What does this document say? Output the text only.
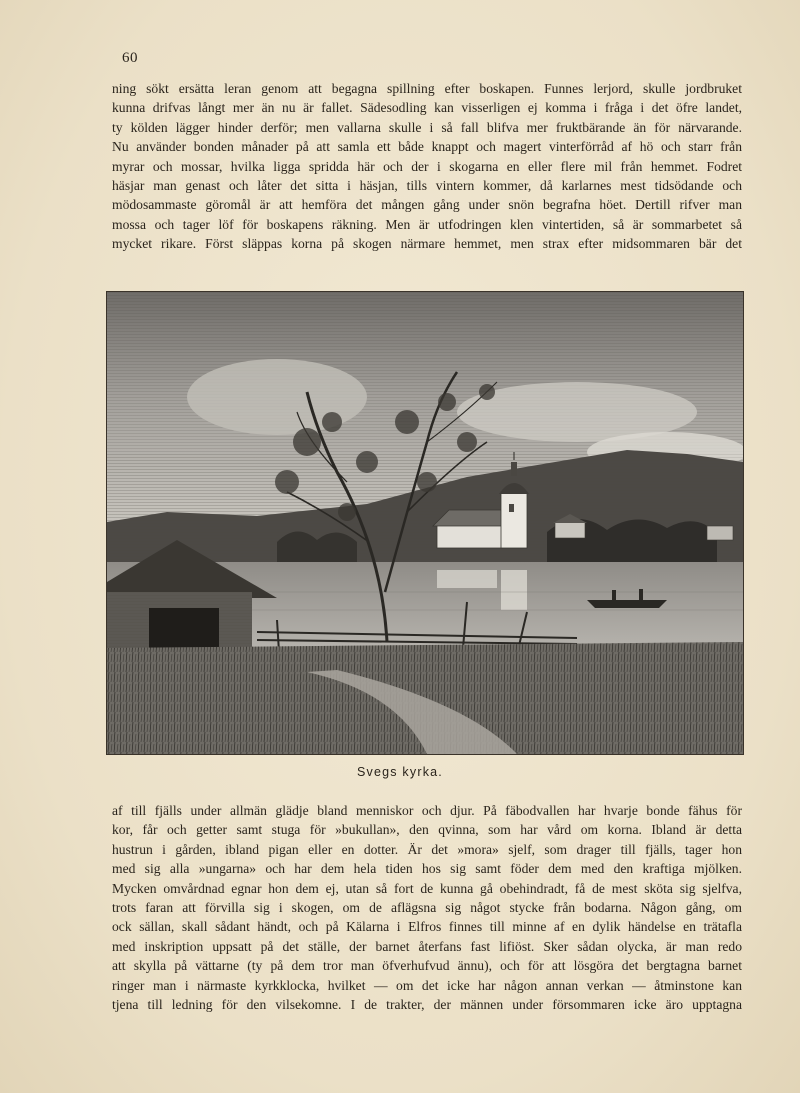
60
ning sökt ersätta leran genom att begagna spillning efter boskapen. Funnes lerjord, skulle jordbruket
kunna drifvas långt mer än nu är fallet. Sädesodling kan visserligen ej komma i fråga i det öfre landet,
ty kölden lägger hinder derför; men vallarna skulle i så fall blifva mer fruktbärande än för närvarande.
Nu använder bonden månader på att samla ett både knappt och magert vinterförråd af hö och starr från
myrar och mossar, hvilka ligga spridda här och der i skogarna en eller flere mil från hemmet. Fodret
häsjar man genast och låter det sitta i häsjan, tills vintern kommer, då karlarnes mest tidsödande och
mödosammaste göromål är att hemföra det mången gång under snön begrafna höet. Dertill rifver man
mossa och tager löf för boskapens räkning. Men är utfodringen klen vintertiden, så är sommarbetet så
mycket rikare. Först släppas korna på skogen närmare hemmet, men strax efter midsommaren bär det
Svegs kyrka.
af till fjälls under allmän glädje bland menniskor och djur. På fäbodvallen har hvarje bonde fähus för
kor, får och getter samt stuga för »bukullan», den qvinna, som har vård om korna. Ibland är detta
hustrun i gården, ibland pigan eller en dotter. Är det »mora» sjelf, som drager till fjälls, tager hon
med sig alla »ungarna» och har dem hela tiden hos sig samt föder dem med den kraftiga mjölken.
Mycken omvårdnad egnar hon dem ej, utan så fort de kunna gå obehindradt, få de mest sköta sig sjelfva,
trots faran att förvilla sig i skogen, om de aflägsna sig något stycke från bodarna. Någon gång, om
ock sällan, skall sådant händt, och på Kälarna i Elfros finnes till minne af en dylik händelse en trätafla
med inskription uppsatt på det ställe, der barnet återfans fast lifiöst. Sker sådan olycka, är man redo
att skylla på vättarne (ty på dem tror man öfverhufvud ännu), och för att lösgöra det bergtagna barnet
ringer man i närmaste kyrkklocka, hvilket — om det icke har någon annan verkan — åtminstone kan
tjena till ledning för den vilsekomne. I de trakter, der männen under försommaren icke äro upptagna
